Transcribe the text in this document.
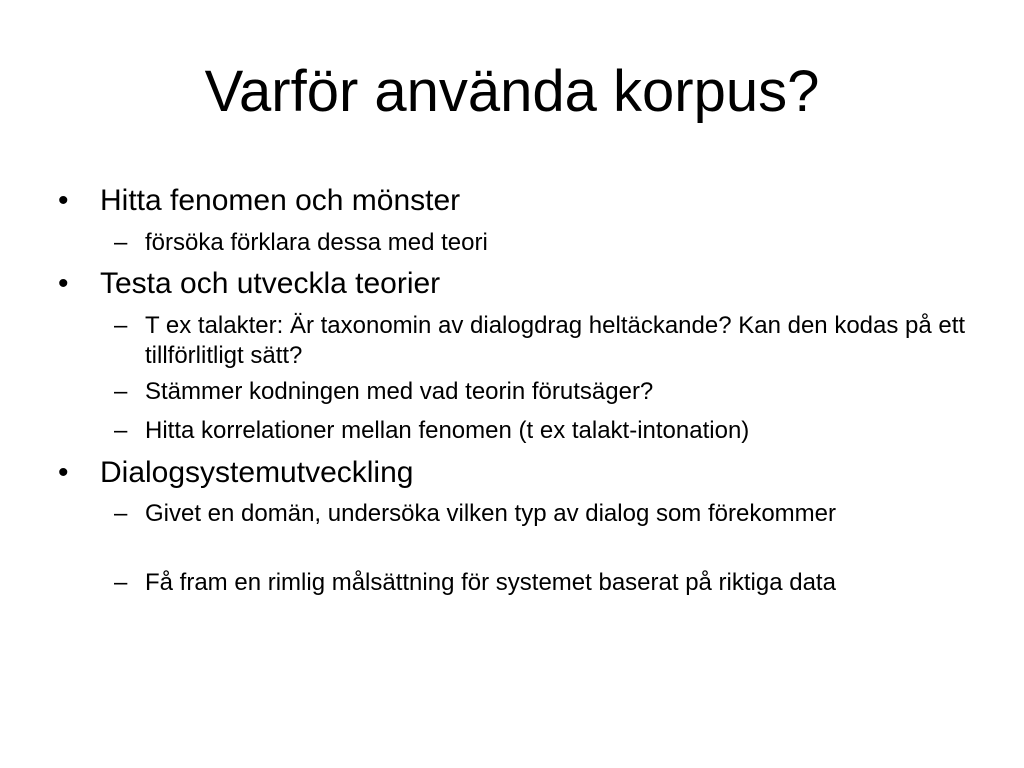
Varför använda korpus?
• Hitta fenomen och mönster
– försöka förklara dessa med teori
• Testa och utveckla teorier
– T ex talakter: Är taxonomin av dialogdrag heltäckande? Kan den kodas på ett tillförlitligt sätt?
– Stämmer kodningen med vad teorin förutsäger?
– Hitta korrelationer mellan fenomen (t ex talakt-intonation)
• Dialogsystemutveckling
– Givet en domän, undersöka vilken typ av dialog som förekommer
– Få fram en rimlig målsättning för systemet baserat på riktiga data
